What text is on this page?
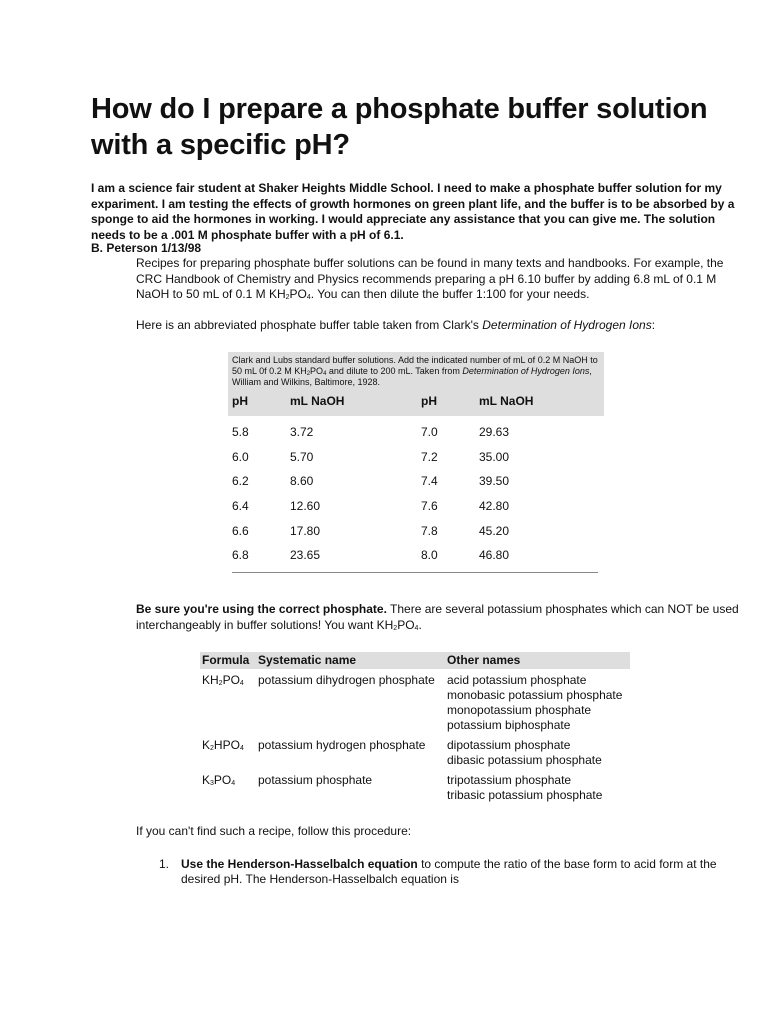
How do I prepare a phosphate buffer solution with a specific pH?
I am a science fair student at Shaker Heights Middle School. I need to make a phosphate buffer solution for my expariment. I am testing the effects of growth hormones on green plant life, and the buffer is to be absorbed by a sponge to aid the hormones in working. I would appreciate any assistance that you can give me. The solution needs to be a .001 M phosphate buffer with a pH of 6.1.
B. Peterson 1/13/98
Recipes for preparing phosphate buffer solutions can be found in many texts and handbooks. For example, the CRC Handbook of Chemistry and Physics recommends preparing a pH 6.10 buffer by adding 6.8 mL of 0.1 M NaOH to 50 mL of 0.1 M $KH_2PO_4$. You can then dilute the buffer 1:100 for your needs.
Here is an abbreviated phosphate buffer table taken from Clark's Determination of Hydrogen Ions:
Clark and Lubs standard buffer solutions. Add the indicated number of mL of 0.2 M NaOH to 50 mL 0f 0.2 M $KH_2PO_4$ and dilute to 200 mL. Taken from Determination of Hydrogen Ions, William and Wilkins, Baltimore, 1928.
pH	mL NaOH	pH	mL NaOH
5.8	3.72	7.0	29.63
6.0	5.70	7.2	35.00
6.2	8.60	7.4	39.50
6.4	12.60	7.6	42.80
6.6	17.80	7.8	45.20
6.8	23.65	8.0	46.80
Be sure you're using the correct phosphate. There are several potassium phosphates which can NOT be used interchangeably in buffer solutions! You want $KH_2PO_4$.
Formula Systematic name	Other names
$KH_2PO_4$	potassium dihydrogen phosphate	acid potassium phosphate
monobasic potassium phosphate
monopotassium phosphate
potassium biphosphate
$K_2HPO_4$	potassium hydrogen phosphate	dipotassium phosphate
dibasic potassium phosphate
$K_3PO_4$	potassium phosphate	tripotassium phosphate
tribasic potassium phosphate
If you can't find such a recipe, follow this procedure:
1. Use the Henderson-Hasselbalch equation to compute the ratio of the base form to acid form at the desired pH. The Henderson-Hasselbalch equation is
